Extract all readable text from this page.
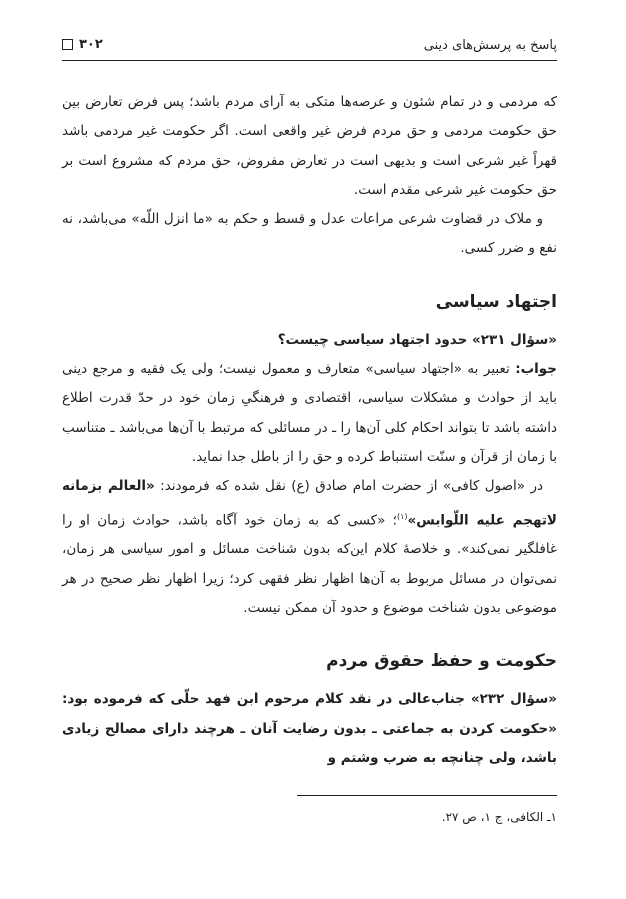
پاسخ به پرسش‌های دینی
۳۰۲

که مردمی و در تمام شئون و عرصه‌ها متکی به آرای مردم باشد؛ پس فرض تعارض بین حق حکومت مردمی و حق مردم فرض غیر واقعی است. اگر حکومت غیر مردمی باشد قهراً غیر شرعی است و بدیهی است در تعارض مفروض، حق مردم که مشروع است بر حق حکومت غیر شرعی مقدم است.

و ملاک در قضاوت شرعی مراعات عدل و قسط و حکم به «ما انزل اللّه» می‌باشد، نه نفع و ضرر کسی.

اجتهاد سیاسی

«سؤال ۲۳۱» حدود اجتهاد سیاسی چیست؟

جواب: تعبیر به «اجتهاد سیاسی» متعارف و معمول نیست؛ ولی یک فقیه و مرجع دینی باید از حوادث و مشکلات سیاسی، اقتصادی و فرهنگیِ زمان خود در حدّ قدرت اطلاع داشته باشد تا بتواند احکام کلی آن‌ها را ـ در مسائلی که مرتبط با آن‌ها می‌باشد ـ متناسب با زمان از قرآن و سنّت استنباط کرده و حق را از باطل جدا نماید.

در «اصول کافی» از حضرت امام صادق (ع) نقل شده که فرمودند: «العالم بزمانه لاتهجم علیه اللّوابس»$^{(۱)}$؛ «کسی که به زمان خود آگاه باشد، حوادث زمان او را غافلگیر نمی‌کند». و خلاصهٔ کلام این‌که بدون شناخت مسائل و امور سیاسی هر زمان، نمی‌توان در مسائل مربوط به آن‌ها اظهار نظر فقهی کرد؛ زیرا اظهار نظر صحیح در هر موضوعی بدون شناخت موضوع و حدود آن ممکن نیست.

حکومت و حفظ حقوق مردم

«سؤال ۲۳۲» جناب‌عالی در نقد کلام مرحوم ابن فهد حلّی که فرموده بود: «حکومت کردن به جماعتی ـ بدون رضایت آنان ـ هرچند دارای مصالح زیادی باشد، ولی چنانچه به ضرب وشتم و

۱ـ الکافی، ج ۱، ص ۲۷.
